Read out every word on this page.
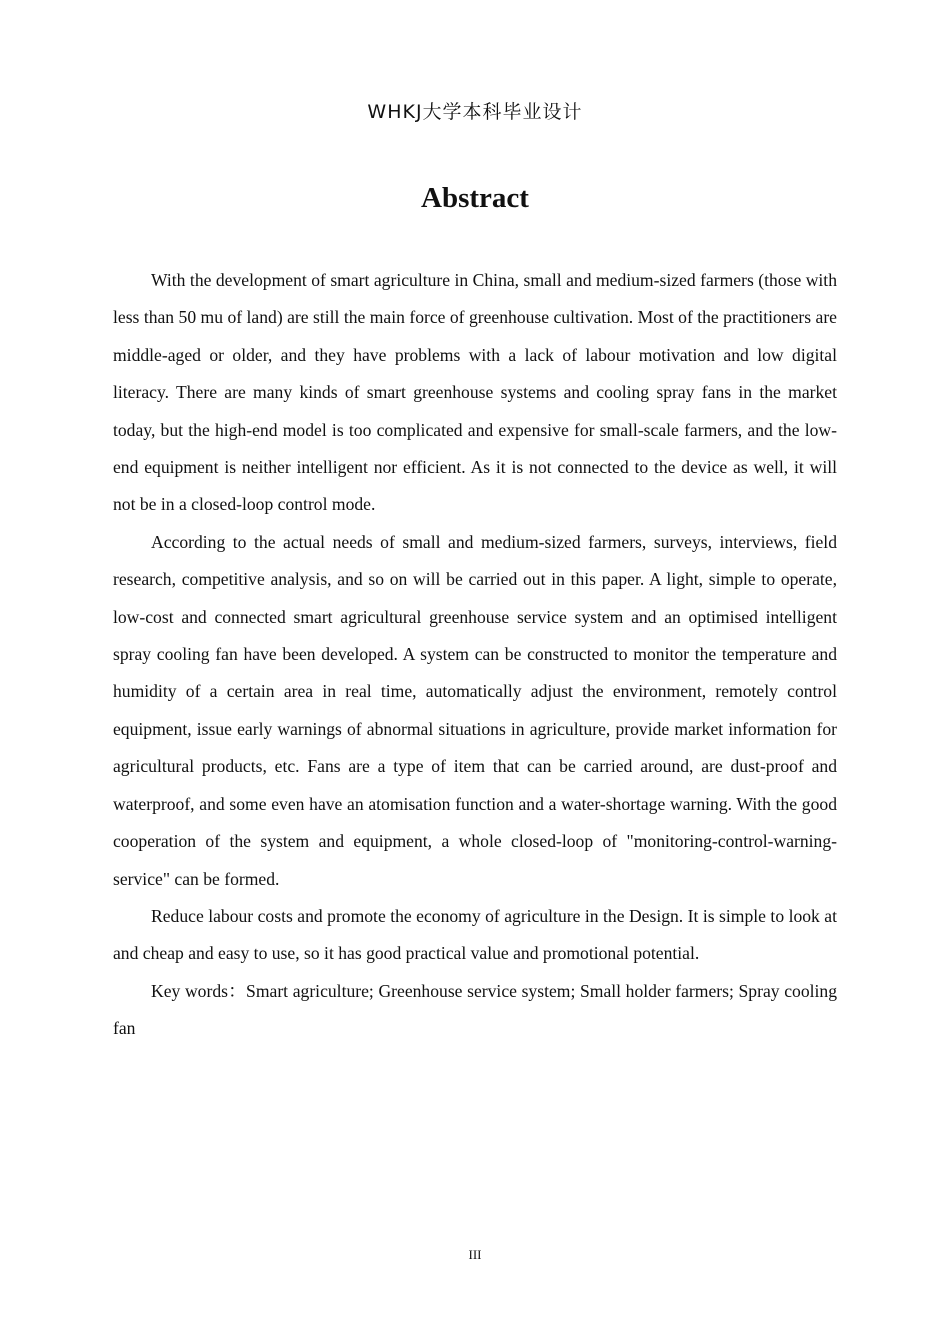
WHKJ大学本科毕业设计
Abstract

With the development of smart agriculture in China, small and medium-sized farmers (those with less than 50 mu of land) are still the main force of greenhouse cultivation. Most of the practitioners are middle-aged or older, and they have problems with a lack of labour motivation and low digital literacy. There are many kinds of smart greenhouse systems and cooling spray fans in the market today, but the high-end model is too complicated and expensive for small-scale farmers, and the low-end equipment is neither intelligent nor efficient. As it is not connected to the device as well, it will not be in a closed-loop control mode.

According to the actual needs of small and medium-sized farmers, surveys, interviews, field research, competitive analysis, and so on will be carried out in this paper. A light, simple to operate, low-cost and connected smart agricultural greenhouse service system and an optimised intelligent spray cooling fan have been developed. A system can be constructed to monitor the temperature and humidity of a certain area in real time, automatically adjust the environment, remotely control equipment, issue early warnings of abnormal situations in agriculture, provide market information for agricultural products, etc. Fans are a type of item that can be carried around, are dust-proof and waterproof, and some even have an atomisation function and a water-shortage warning. With the good cooperation of the system and equipment, a whole closed-loop of "monitoring-control-warning-service" can be formed.

Reduce labour costs and promote the economy of agriculture in the Design. It is simple to look at and cheap and easy to use, so it has good practical value and promotional potential.

Key words：Smart agriculture; Greenhouse service system; Small holder farmers; Spray cooling fan

III
